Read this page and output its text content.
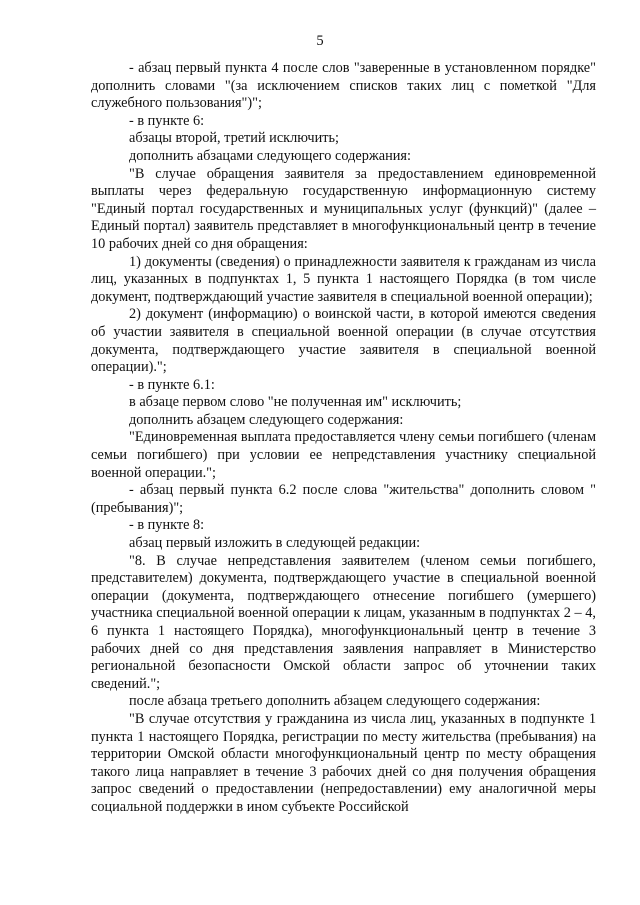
5

- абзац первый пункта 4 после слов "заверенные в установленном порядке" дополнить словами "(за исключением списков таких лиц с пометкой "Для служебного пользования")";

- в пункте 6:

абзацы второй, третий исключить;

дополнить абзацами следующего содержания:

"В случае обращения заявителя за предоставлением единовременной выплаты через федеральную государственную информационную систему "Единый портал государственных и муниципальных услуг (функций)" (далее – Единый портал) заявитель представляет в многофункциональный центр в течение 10 рабочих дней со дня обращения:

1) документы (сведения) о принадлежности заявителя к гражданам из числа лиц, указанных в подпунктах 1, 5 пункта 1 настоящего Порядка (в том числе документ, подтверждающий участие заявителя в специальной военной операции);

2) документ (информацию) о воинской части, в которой имеются сведения об участии заявителя в специальной военной операции (в случае отсутствия документа, подтверждающего участие заявителя в специальной военной операции).";

- в пункте 6.1:

в абзаце первом слово "не полученная им" исключить;

дополнить абзацем следующего содержания:

"Единовременная выплата предоставляется члену семьи погибшего (членам семьи погибшего) при условии ее непредставления участнику специальной военной операции.";

- абзац первый пункта 6.2 после слова "жительства" дополнить словом "(пребывания)";

- в пункте 8:

абзац первый изложить в следующей редакции:

"8. В случае непредставления заявителем (членом семьи погибшего, представителем) документа, подтверждающего участие в специальной военной операции (документа, подтверждающего отнесение погибшего (умершего) участника специальной военной операции к лицам, указанным в подпунктах 2 – 4, 6 пункта 1 настоящего Порядка), многофункциональный центр в течение 3 рабочих дней со дня представления заявления направляет в Министерство региональной безопасности Омской области запрос об уточнении таких сведений.";

после абзаца третьего дополнить абзацем следующего содержания:

"В случае отсутствия у гражданина из числа лиц, указанных в подпункте 1 пункта 1 настоящего Порядка, регистрации по месту жительства (пребывания) на территории Омской области многофункциональный центр по месту обращения такого лица направляет в течение 3 рабочих дней со дня получения обращения запрос сведений о предоставлении (непредоставлении) ему аналогичной меры социальной поддержки в ином субъекте Российской
